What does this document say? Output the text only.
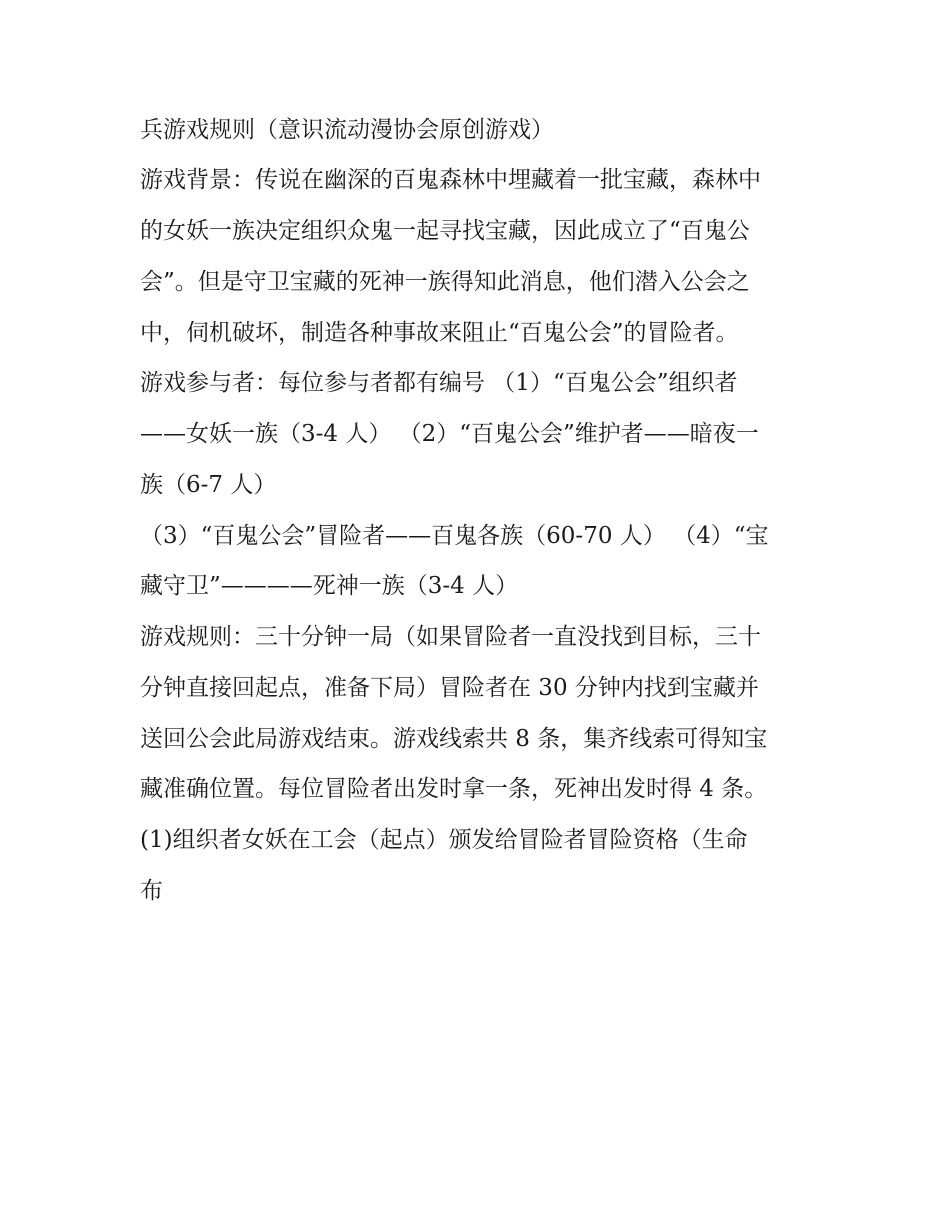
兵游戏规则（意识流动漫协会原创游戏）
游戏背景：传说在幽深的百鬼森林中埋藏着一批宝藏，森林中
的女妖一族决定组织众鬼一起寻找宝藏，因此成立了“百鬼公
会”。但是守卫宝藏的死神一族得知此消息，他们潜入公会之
中，伺机破坏，制造各种事故来阻止“百鬼公会”的冒险者。
游戏参与者：每位参与者都有编号 （1）“百鬼公会”组织者
——女妖一族（3-4 人） （2）“百鬼公会”维护者——暗夜一
族（6-7 人）
（3）“百鬼公会”冒险者——百鬼各族（60-70 人） （4）“宝
藏守卫”————死神一族（3-4 人）
游戏规则：三十分钟一局（如果冒险者一直没找到目标，三十
分钟直接回起点，准备下局）冒险者在 30 分钟内找到宝藏并
送回公会此局游戏结束。游戏线索共 8 条，集齐线索可得知宝
藏准确位置。每位冒险者出发时拿一条，死神出发时得 4 条。
(1)组织者女妖在工会（起点）颁发给冒险者冒险资格（生命
布
